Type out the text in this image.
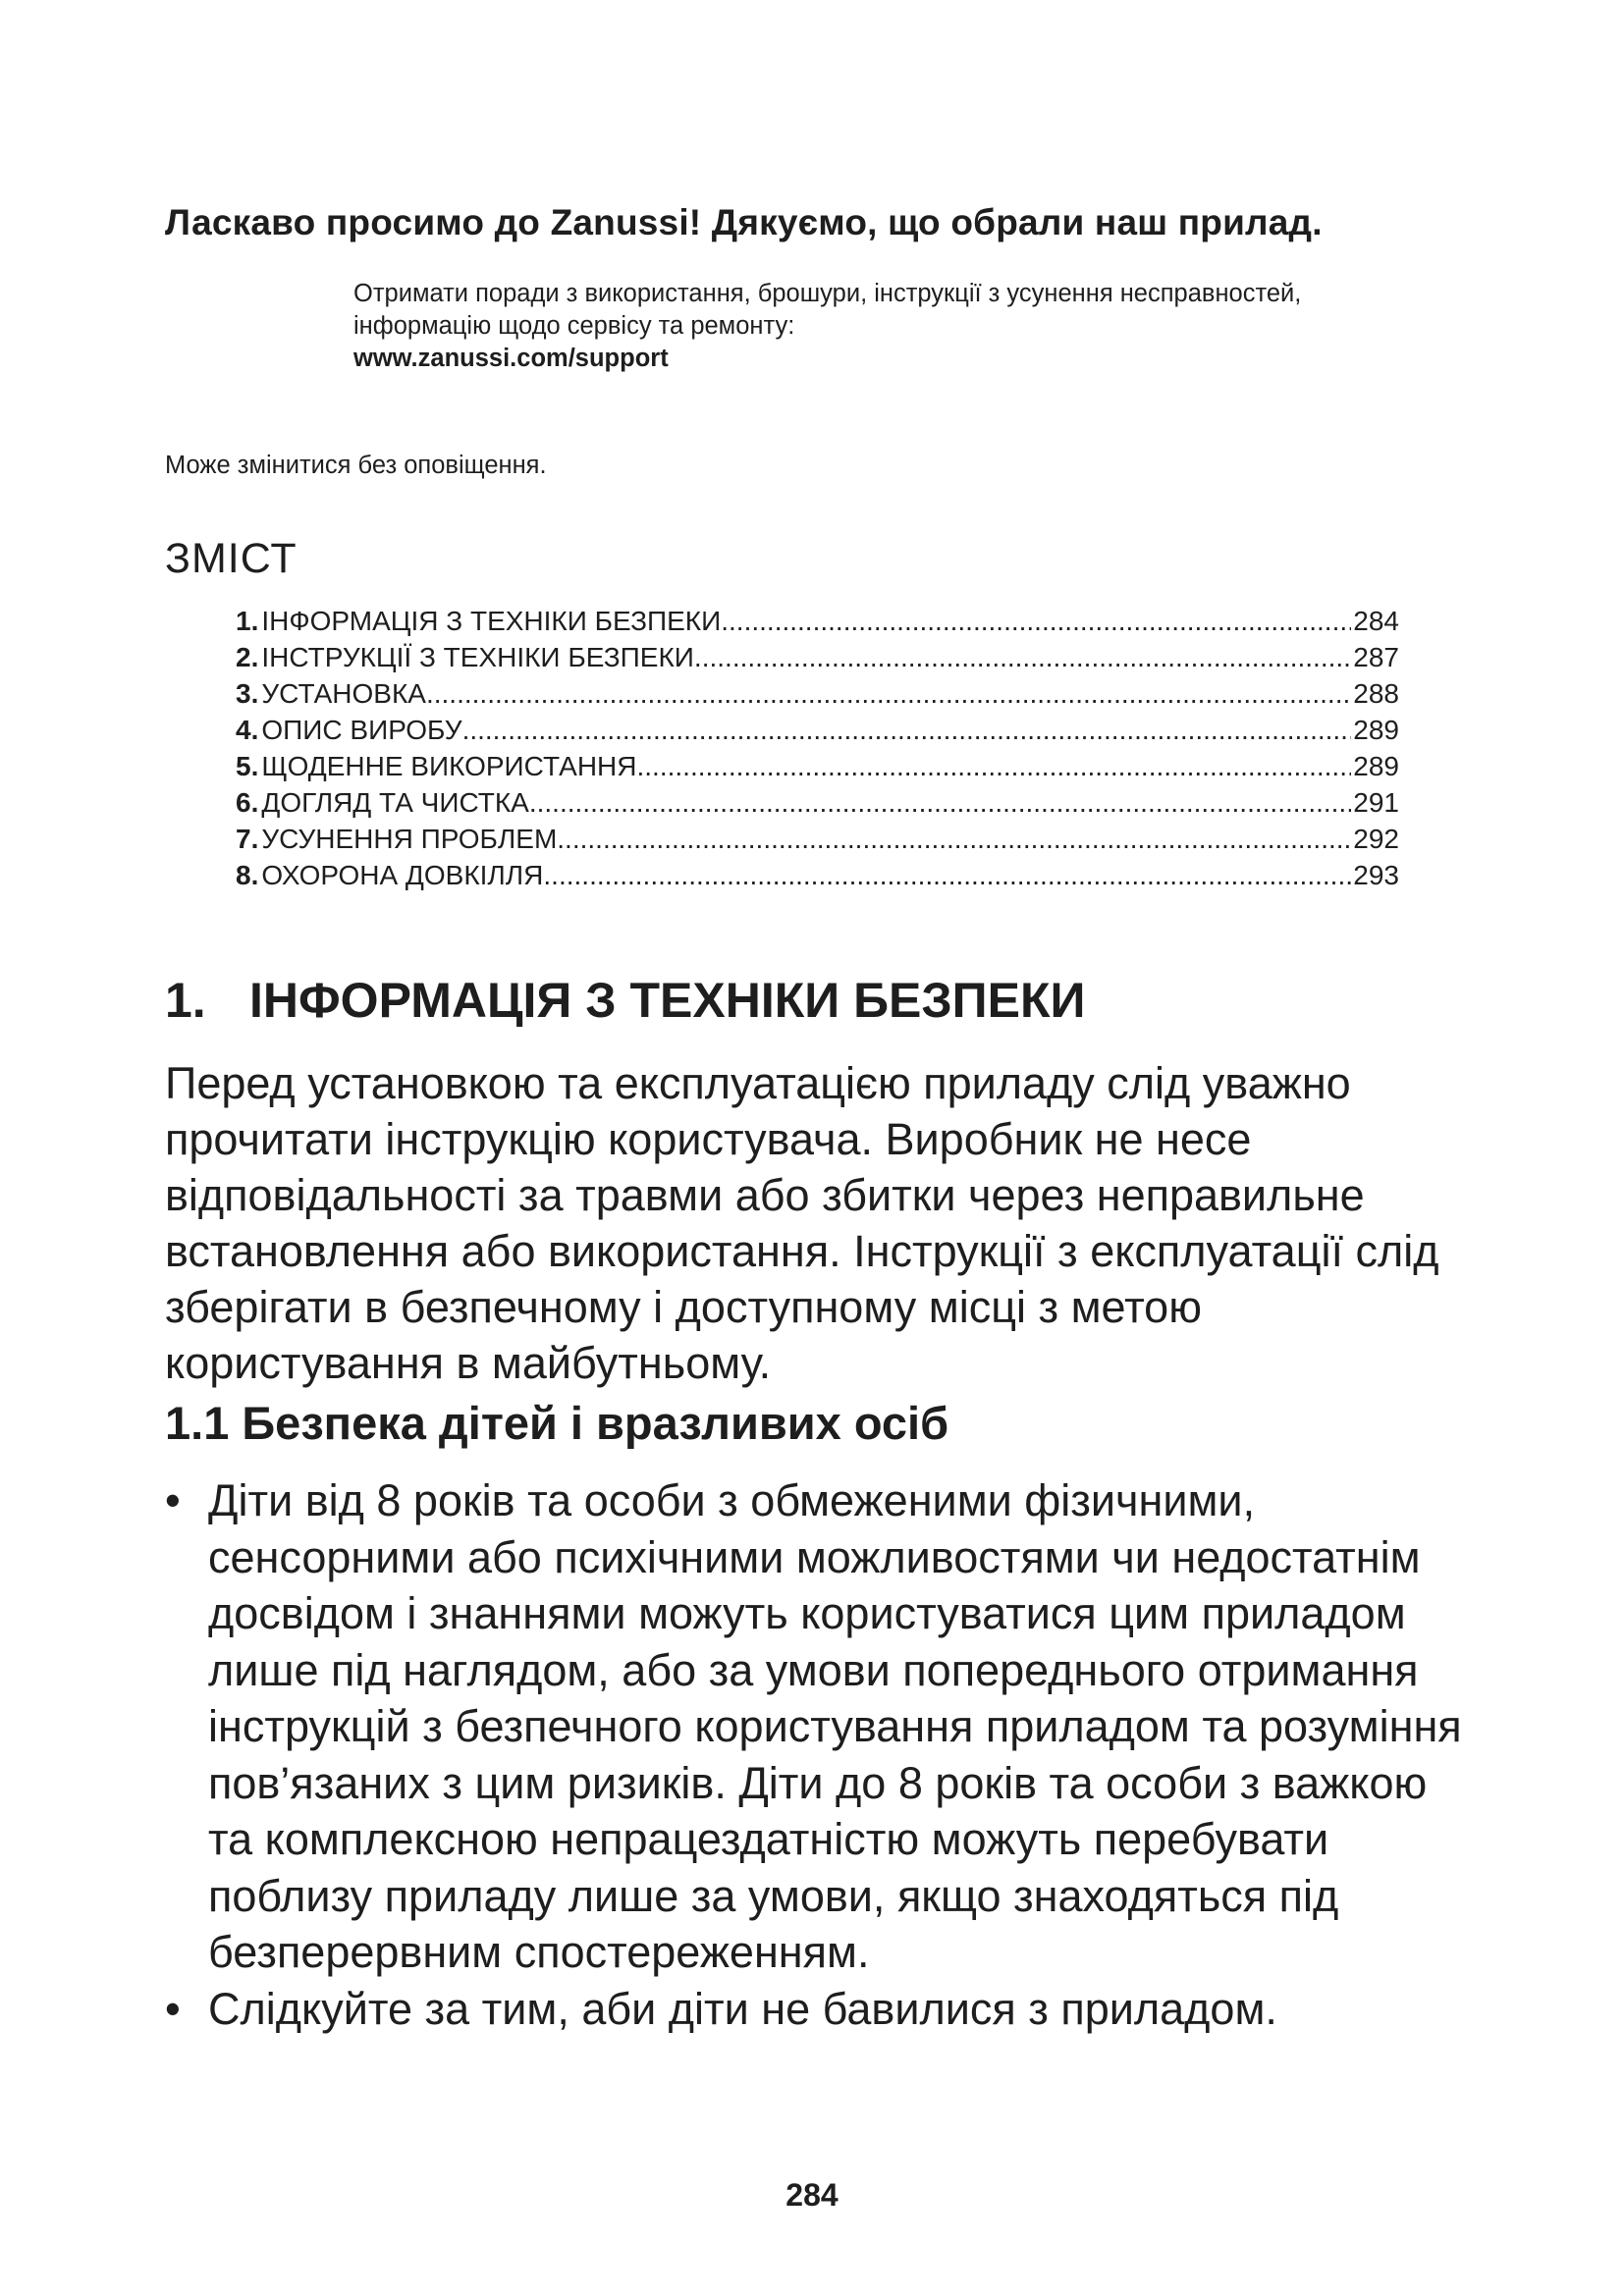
Ласкаво просимо до Zanussi! Дякуємо, що обрали наш прилад.
Отримати поради з використання, брошури, інструкції з усунення несправностей,
інформацію щодо сервісу та ремонту:
www.zanussi.com/support
Може змінитися без оповіщення.
ЗМІСТ
1. ІНФОРМАЦІЯ З ТЕХНІКИ БЕЗПЕКИ .....	284
2. ІНСТРУКЦІЇ З ТЕХНІКИ БЕЗПЕКИ .....	287
3. УСТАНОВКА .....	288
4. ОПИС ВИРОБУ .....	289
5. ЩОДЕННЕ ВИКОРИСТАННЯ .....	289
6. ДОГЛЯД ТА ЧИСТКА .....	291
7. УСУНЕННЯ ПРОБЛЕМ .....	292
8. ОХОРОНА ДОВКІЛЛЯ .....	293
1. ІНФОРМАЦІЯ З ТЕХНІКИ БЕЗПЕКИ

Перед установкою та експлуатацією приладу слід уважно прочитати інструкцію користувача. Виробник не несе відповідальності за травми або збитки через неправильне встановлення або використання. Інструкції з експлуатації слід зберігати в безпечному і доступному місці з метою користування в майбутньому.

1.1 Безпека дітей і вразливих осіб
• Діти від 8 років та особи з обмеженими фізичними, сенсорними або психічними можливостями чи недостатнім досвідом і знаннями можуть користуватися цим приладом лише під наглядом, або за умови попереднього отримання інструкцій з безпечного користування приладом та розуміння пов’язаних з цим ризиків. Діти до 8 років та особи з важкою та комплексною непрацездатністю можуть перебувати поблизу приладу лише за умови, якщо знаходяться під безперервним спостереженням.
• Слідкуйте за тим, аби діти не бавилися з приладом.
284
